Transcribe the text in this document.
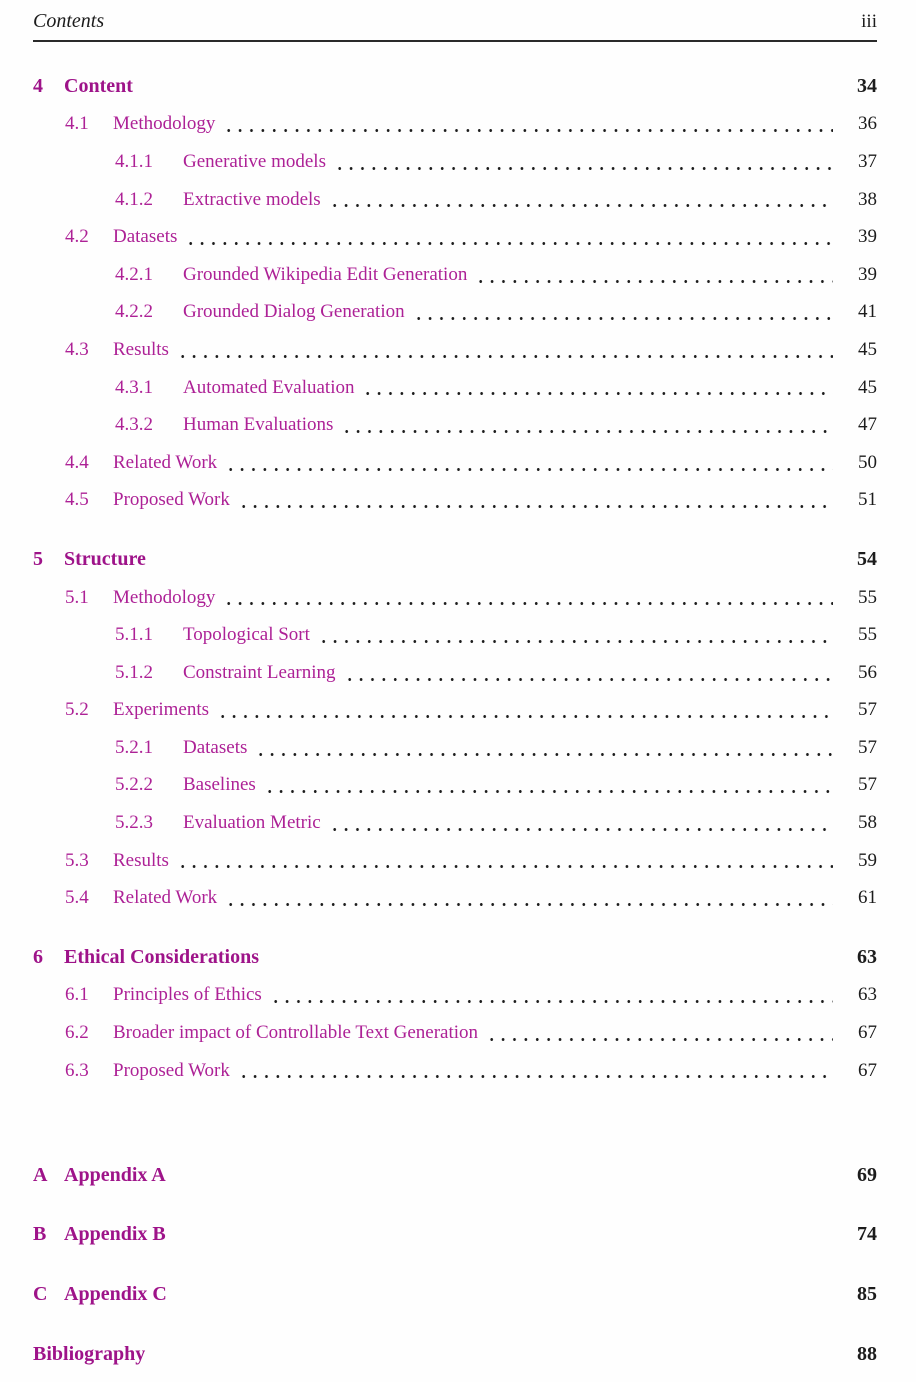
Contents	iii
4	Content	34
4.1	Methodology	36
4.1.1	Generative models	37
4.1.2	Extractive models	38
4.2	Datasets	39
4.2.1	Grounded Wikipedia Edit Generation	39
4.2.2	Grounded Dialog Generation	41
4.3	Results	45
4.3.1	Automated Evaluation	45
4.3.2	Human Evaluations	47
4.4	Related Work	50
4.5	Proposed Work	51
5	Structure	54
5.1	Methodology	55
5.1.1	Topological Sort	55
5.1.2	Constraint Learning	56
5.2	Experiments	57
5.2.1	Datasets	57
5.2.2	Baselines	57
5.2.3	Evaluation Metric	58
5.3	Results	59
5.4	Related Work	61
6	Ethical Considerations	63
6.1	Principles of Ethics	63
6.2	Broader impact of Controllable Text Generation	67
6.3	Proposed Work	67
A Appendix A	69
B Appendix B	74
C Appendix C	85
Bibliography	88
